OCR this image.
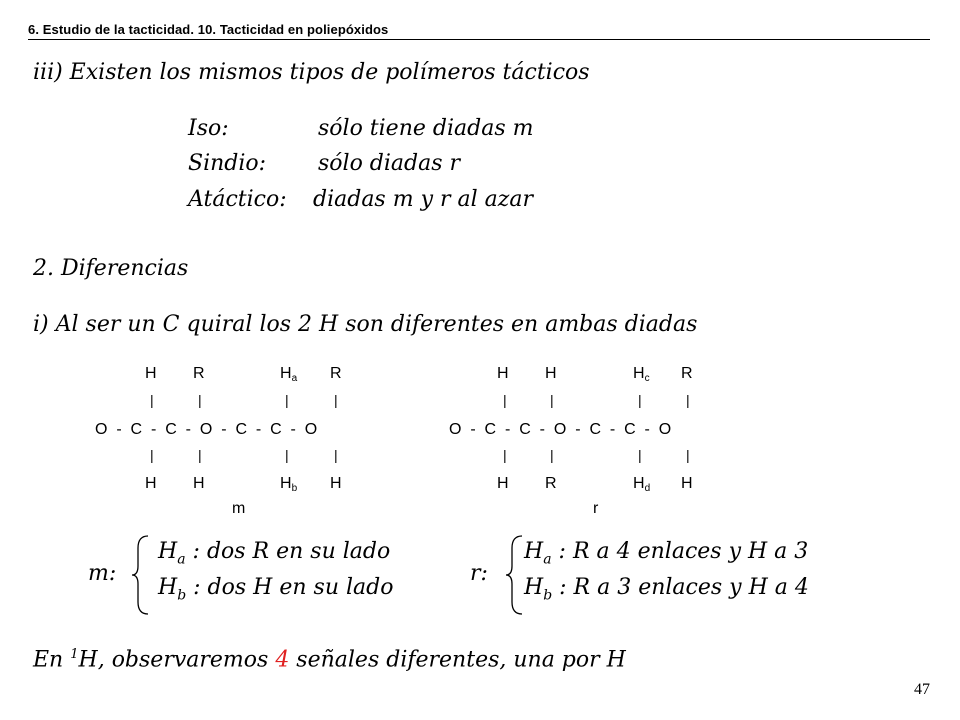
6. Estudio de la tacticidad. 10. Tacticidad en poliepóxidos
iii) Existen los mismos tipos de polímeros tácticos
Iso:	sólo tiene diadas m
Sindio:	sólo diadas r
Atáctico:	diadas m y r al azar
2. Diferencias
i) Al ser un C quiral los 2 H son diferentes en ambas diadas
H R	$H_a$ R
|	|	|	|
O  -  C  -  C  -  O  -  C  -  C  -  O
|	|	|	|
H H	$H_b$ H
m
H H	$H_c$ R
|	|	|	|
O  -  C  -  C  -  O  -  C  -  C  -  O
|	|	|	|
H R	$H_d$ H
r
m:
$H_a$ : dos R en su lado
$H_b$ : dos H en su lado
r:
$H_a$ : R a 4 enlaces y H a 3
$H_b$ : R a 3 enlaces y H a 4
En $^1$H, observaremos 4 señales diferentes, una por H
47
